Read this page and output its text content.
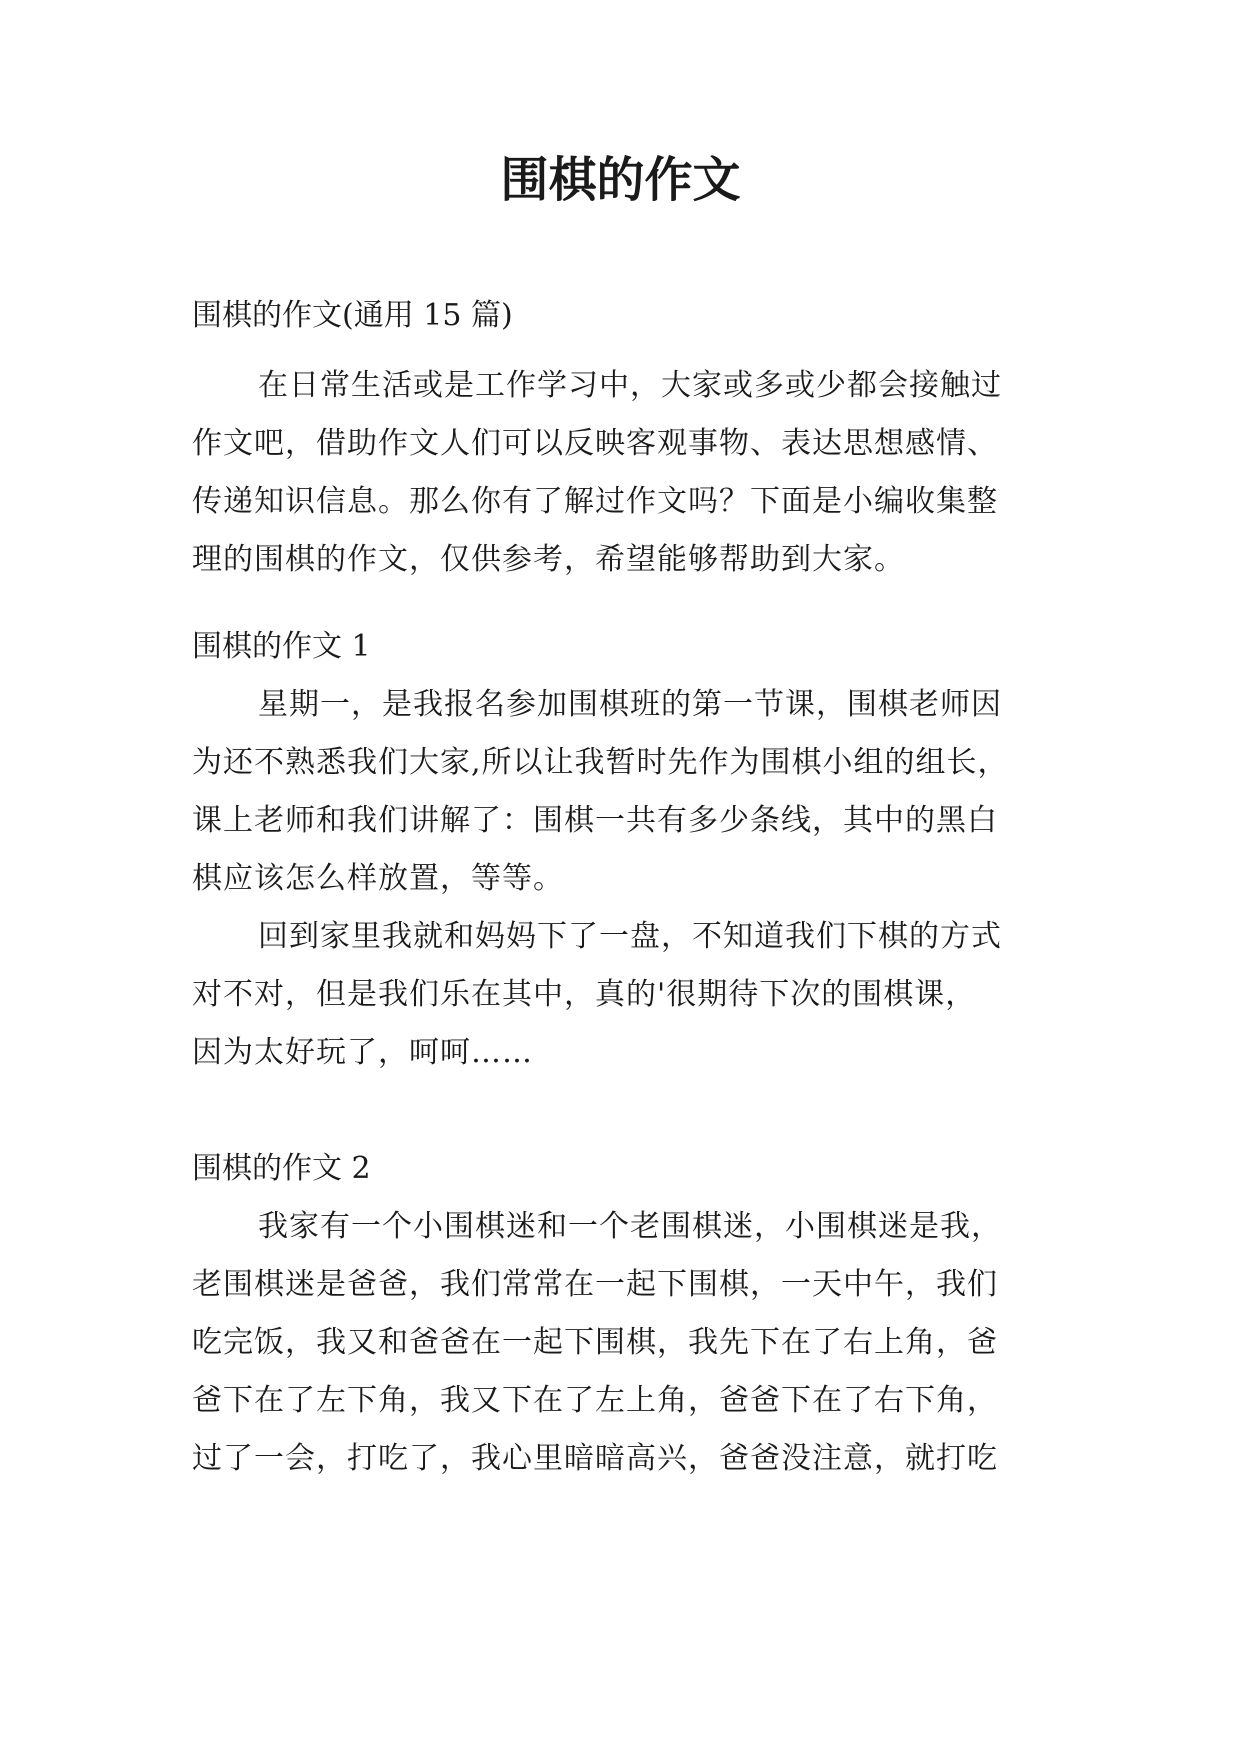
围棋的作文

围棋的作文(通用 15 篇)

在日常生活或是工作学习中，大家或多或少都会接触过
作文吧，借助作文人们可以反映客观事物、表达思想感情、
传递知识信息。那么你有了解过作文吗？下面是小编收集整
理的围棋的作文，仅供参考，希望能够帮助到大家。

围棋的作文 1

星期一，是我报名参加围棋班的第一节课，围棋老师因
为还不熟悉我们大家,所以让我暂时先作为围棋小组的组长，
课上老师和我们讲解了：围棋一共有多少条线，其中的黑白
棋应该怎么样放置，等等。
回到家里我就和妈妈下了一盘，不知道我们下棋的方式
对不对，但是我们乐在其中，真的'很期待下次的围棋课，
因为太好玩了，呵呵……

围棋的作文 2

我家有一个小围棋迷和一个老围棋迷，小围棋迷是我，
老围棋迷是爸爸，我们常常在一起下围棋，一天中午，我们
吃完饭，我又和爸爸在一起下围棋，我先下在了右上角，爸
爸下在了左下角，我又下在了左上角，爸爸下在了右下角，
过了一会，打吃了，我心里暗暗高兴，爸爸没注意，就打吃
